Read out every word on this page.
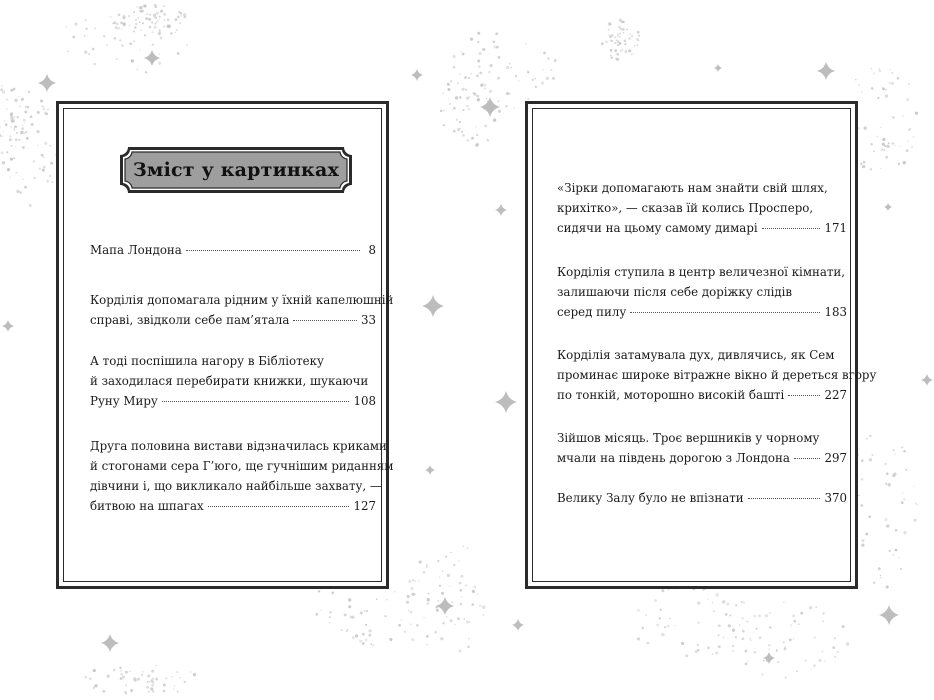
Зміст у картинках
Мапа Лондона	8
Корділія допомагала рідним у їхній капелюшній
справі, звідколи себе пам’ятала	33
А тоді поспішила нагору в Бібліотеку
й заходилася перебирати книжки, шукаючи
Руну Миру	108
Друга половина вистави відзначилась криками
й стогонами сера Г’юго, ще гучнішим риданням
дівчини і, що викликало найбільше захвату, —
битвою на шпагах	127
«Зірки допомагають нам знайти свій шлях,
крихітко», — сказав їй колись Просперо,
сидячи на цьому самому димарі	171
Корділія ступила в центр величезної кімнати,
залишаючи після себе доріжку слідів
серед пилу	183
Корділія затамувала дух, дивлячись, як Сем
проминає широке вітражне вікно й дереться вгору
по тонкій, моторошно високій башті	227
Зійшов місяць. Троє вершників у чорному
мчали на південь дорогою з Лондона	297
Велику Залу було не впізнати	370
